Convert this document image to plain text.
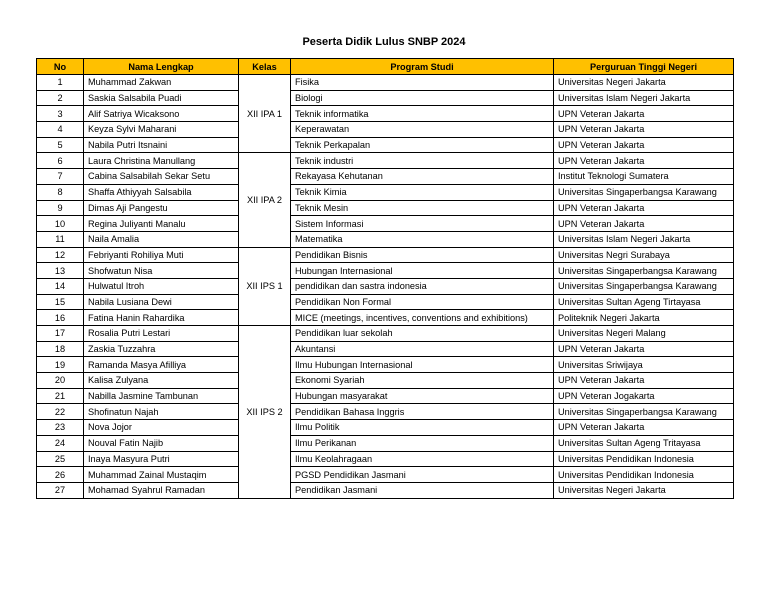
Peserta Didik Lulus SNBP 2024
No	Nama Lengkap	Kelas	Program Studi	Perguruan Tinggi Negeri
1	Muhammad Zakwan	XII IPA 1	Fisika	Universitas Negeri Jakarta
2	Saskia Salsabila Puadi		Biologi	Universitas Islam Negeri Jakarta
3	Alif Satriya Wicaksono		Teknik informatika	UPN Veteran Jakarta
4	Keyza Sylvi Maharani		Keperawatan	UPN Veteran Jakarta
5	Nabila Putri Itsnaini		Teknik Perkapalan	UPN Veteran Jakarta
6	Laura Christina Manullang	XII IPA 2	Teknik industri	UPN Veteran Jakarta
7	Cabina Salsabilah Sekar Setu		Rekayasa Kehutanan	Institut Teknologi Sumatera
8	Shaffa Athiyyah Salsabila		Teknik Kimia	Universitas Singaperbangsa Karawang
9	Dimas Aji Pangestu		Teknik Mesin	UPN Veteran Jakarta
10	Regina Juliyanti Manalu		Sistem Informasi	UPN Veteran Jakarta
11	Naila Amalia		Matematika	Universitas Islam Negeri Jakarta
12	Febriyanti Rohiliya Muti	XII IPS 1	Pendidikan Bisnis	Universitas Negri Surabaya
13	Shofwatun Nisa		Hubungan Internasional	Universitas Singaperbangsa Karawang
14	Hulwatul Itroh		pendidikan dan sastra indonesia	Universitas Singaperbangsa Karawang
15	Nabila Lusiana Dewi		Pendidikan Non Formal	Universitas Sultan Ageng Tirtayasa
16	Fatina Hanin Rahardika		MICE (meetings, incentives, conventions and exhibitions)	Politeknik Negeri Jakarta
17	Rosalia Putri Lestari	XII IPS 2	Pendidikan luar sekolah	Universitas Negeri Malang
18	Zaskia Tuzzahra		Akuntansi	UPN Veteran Jakarta
19	Ramanda Masya Afilliya		Ilmu Hubungan Internasional	Universitas Sriwijaya
20	Kalisa Zulyana		Ekonomi Syariah	UPN Veteran Jakarta
21	Nabilla Jasmine Tambunan		Hubungan masyarakat	UPN Veteran Jogakarta
22	Shofinatun Najah		Pendidikan Bahasa Inggris	Universitas Singaperbangsa Karawang
23	Nova Jojor		Ilmu Politik	UPN Veteran Jakarta
24	Nouval Fatin Najib		Ilmu Perikanan	Universitas Sultan Ageng Tritayasa
25	Inaya Masyura Putri		Ilmu Keolahragaan	Universitas Pendidikan Indonesia
26	Muhammad Zainal Mustaqim		PGSD Pendidikan Jasmani	Universitas Pendidikan Indonesia
27	Mohamad Syahrul Ramadan		Pendidikan Jasmani	Universitas Negeri Jakarta
